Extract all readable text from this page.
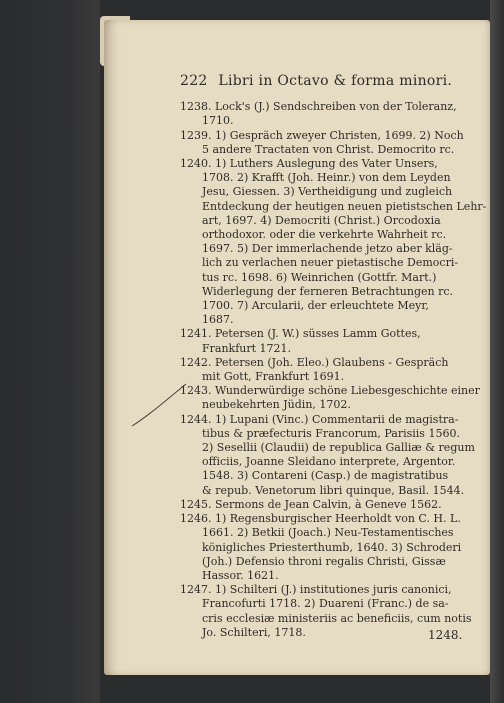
222 Libri in Octavo & forma minori.
1238. Lock's (J.) Sendschreiben von der Toleranz,
1710.
1239. 1) Gespräch zweyer Christen, 1699. 2) Noch
5 andere Tractaten von Christ. Democrito rc.
1240. 1) Luthers Auslegung des Vater Unsers,
1708. 2) Krafft (Joh. Heinr.) von dem Leyden
Jesu, Giessen. 3) Vertheidigung und zugleich
Entdeckung der heutigen neuen pietistschen Lehr-
art, 1697. 4) Democriti (Christ.) Orcodoxia
orthodoxor. oder die verkehrte Wahrheit rc.
1697. 5) Der immerlachende jetzo aber kläg-
lich zu verlachen neuer pietastische Democri-
tus rc. 1698. 6) Weinrichen (Gottfr. Mart.)
Widerlegung der ferneren Betrachtungen rc.
1700. 7) Arcularii, der erleuchtete Meyr,
1687.
1241. Petersen (J. W.) süsses Lamm Gottes,
Frankfurt 1721.
1242. Petersen (Joh. Eleo.) Glaubens - Gespräch
mit Gott, Frankfurt 1691.
1243. Wunderwürdige schöne Liebesgeschichte einer
neubekehrten Jüdin, 1702.
1244. 1) Lupani (Vinc.) Commentarii de magistra-
tibus & præfecturis Francorum, Parisiis 1560.
2) Sesellii (Claudii) de republica Galliæ & regum
officiis, Joanne Sleidano interprete, Argentor.
1548. 3) Contareni (Casp.) de magistratibus
& repub. Venetorum libri quinque, Basil. 1544.
1245. Sermons de Jean Calvin, à Geneve 1562.
1246. 1) Regensburgischer Heerholdt von C. H. L.
1661. 2) Betkii (Joach.) Neu-Testamentisches
königliches Priesterthumb, 1640. 3) Schroderi
(Joh.) Defensio throni regalis Christi, Gissæ
Hassor. 1621.
1247. 1) Schilteri (J.) institutiones juris canonici,
Francofurti 1718. 2) Duareni (Franc.) de sa-
cris ecclesiæ ministeriis ac beneficiis, cum notis
Jo. Schilteri, 1718.	1248.
